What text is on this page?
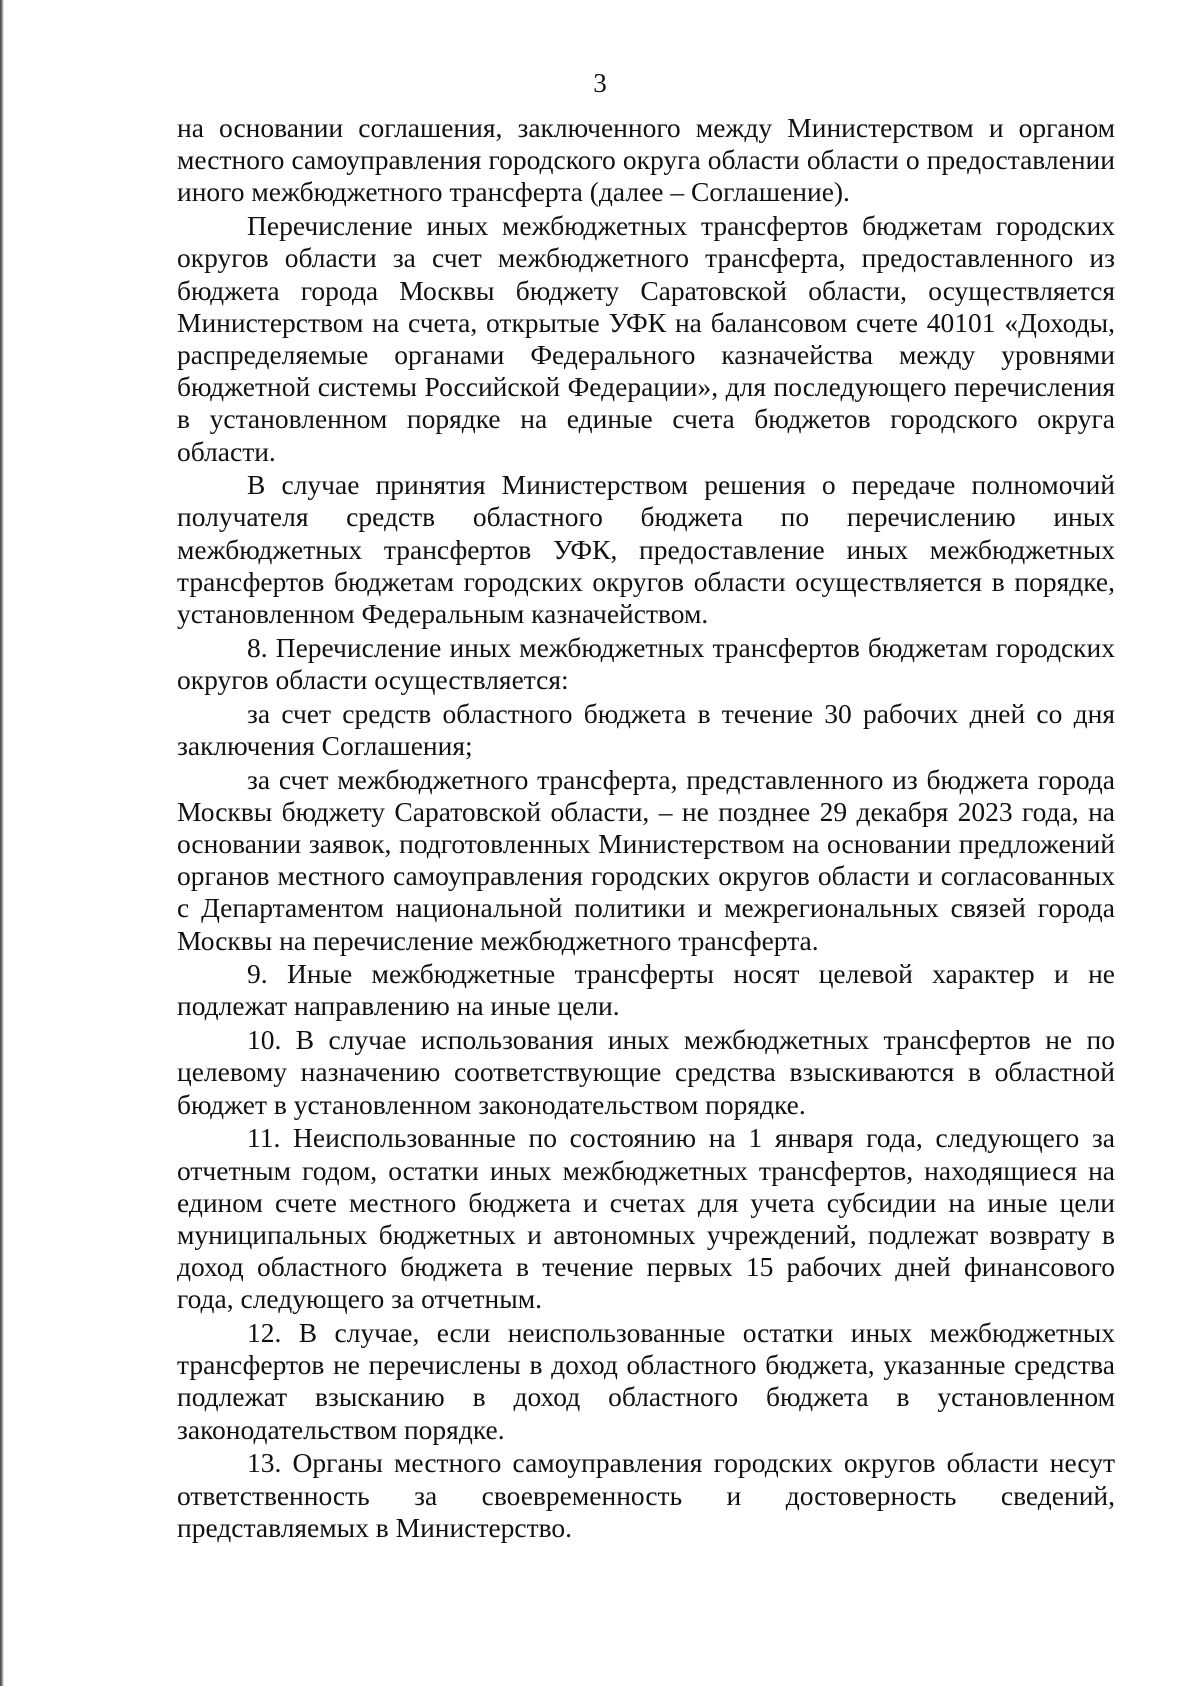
3

на основании соглашения, заключенного между Министерством и органом местного самоуправления городского округа области области о предоставлении иного межбюджетного трансферта (далее – Соглашение).

Перечисление иных межбюджетных трансфертов бюджетам городских округов области за счет межбюджетного трансферта, предоставленного из бюджета города Москвы бюджету Саратовской области, осуществляется Министерством на счета, открытые УФК на балансовом счете 40101 «Доходы, распределяемые органами Федерального казначейства между уровнями бюджетной системы Российской Федерации», для последующего перечисления в установленном порядке на единые счета бюджетов городского округа области.

В случае принятия Министерством решения о передаче полномочий получателя средств областного бюджета по перечислению иных межбюджетных трансфертов УФК, предоставление иных межбюджетных трансфертов бюджетам городских округов области осуществляется в порядке, установленном Федеральным казначейством.

8. Перечисление иных межбюджетных трансфертов бюджетам городских округов области осуществляется:

за счет средств областного бюджета в течение 30 рабочих дней со дня заключения Соглашения;

за счет межбюджетного трансферта, представленного из бюджета города Москвы бюджету Саратовской области, – не позднее 29 декабря 2023 года, на основании заявок, подготовленных Министерством на основании предложений органов местного самоуправления городских округов области и согласованных с Департаментом национальной политики и межрегиональных связей города Москвы на перечисление межбюджетного трансферта.

9. Иные межбюджетные трансферты носят целевой характер и не подлежат направлению на иные цели.

10. В случае использования иных межбюджетных трансфертов не по целевому назначению соответствующие средства взыскиваются в областной бюджет в установленном законодательством порядке.

11. Неиспользованные по состоянию на 1 января года, следующего за отчетным годом, остатки иных межбюджетных трансфертов, находящиеся на едином счете местного бюджета и счетах для учета субсидии на иные цели муниципальных бюджетных и автономных учреждений, подлежат возврату в доход областного бюджета в течение первых 15 рабочих дней финансового года, следующего за отчетным.

12. В случае, если неиспользованные остатки иных межбюджетных трансфертов не перечислены в доход областного бюджета, указанные средства подлежат взысканию в доход областного бюджета в установленном законодательством порядке.

13. Органы местного самоуправления городских округов области несут ответственность за своевременность и достоверность сведений, представляемых в Министерство.
